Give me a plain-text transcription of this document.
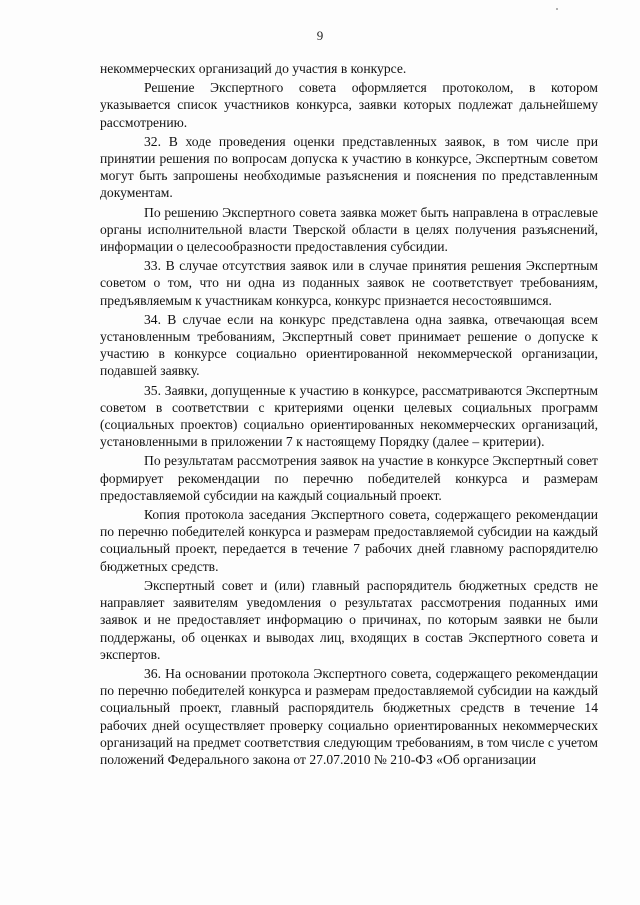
9

некоммерческих организаций до участия в конкурсе.

Решение Экспертного совета оформляется протоколом, в котором указывается список участников конкурса, заявки которых подлежат дальнейшему рассмотрению.

32. В ходе проведения оценки представленных заявок, в том числе при принятии решения по вопросам допуска к участию в конкурсе, Экспертным советом могут быть запрошены необходимые разъяснения и пояснения по представленным документам.

По решению Экспертного совета заявка может быть направлена в отраслевые органы исполнительной власти Тверской области в целях получения разъяснений, информации о целесообразности предоставления субсидии.

33. В случае отсутствия заявок или в случае принятия решения Экспертным советом о том, что ни одна из поданных заявок не соответствует требованиям, предъявляемым к участникам конкурса, конкурс признается несостоявшимся.

34. В случае если на конкурс представлена одна заявка, отвечающая всем установленным требованиям, Экспертный совет принимает решение о допуске к участию в конкурсе социально ориентированной некоммерческой организации, подавшей заявку.

35. Заявки, допущенные к участию в конкурсе, рассматриваются Экспертным советом в соответствии с критериями оценки целевых социальных программ (социальных проектов) социально ориентированных некоммерческих организаций, установленными в приложении 7 к настоящему Порядку (далее – критерии).

По результатам рассмотрения заявок на участие в конкурсе Экспертный совет формирует рекомендации по перечню победителей конкурса и размерам предоставляемой субсидии на каждый социальный проект.

Копия протокола заседания Экспертного совета, содержащего рекомендации по перечню победителей конкурса и размерам предоставляемой субсидии на каждый социальный проект, передается в течение 7 рабочих дней главному распорядителю бюджетных средств.

Экспертный совет и (или) главный распорядитель бюджетных средств не направляет заявителям уведомления о результатах рассмотрения поданных ими заявок и не предоставляет информацию о причинах, по которым заявки не были поддержаны, об оценках и выводах лиц, входящих в состав Экспертного совета и экспертов.

36. На основании протокола Экспертного совета, содержащего рекомендации по перечню победителей конкурса и размерам предоставляемой субсидии на каждый социальный проект, главный распорядитель бюджетных средств в течение 14 рабочих дней осуществляет проверку социально ориентированных некоммерческих организаций на предмет соответствия следующим требованиям, в том числе с учетом положений Федерального закона от 27.07.2010 № 210-ФЗ «Об организации
